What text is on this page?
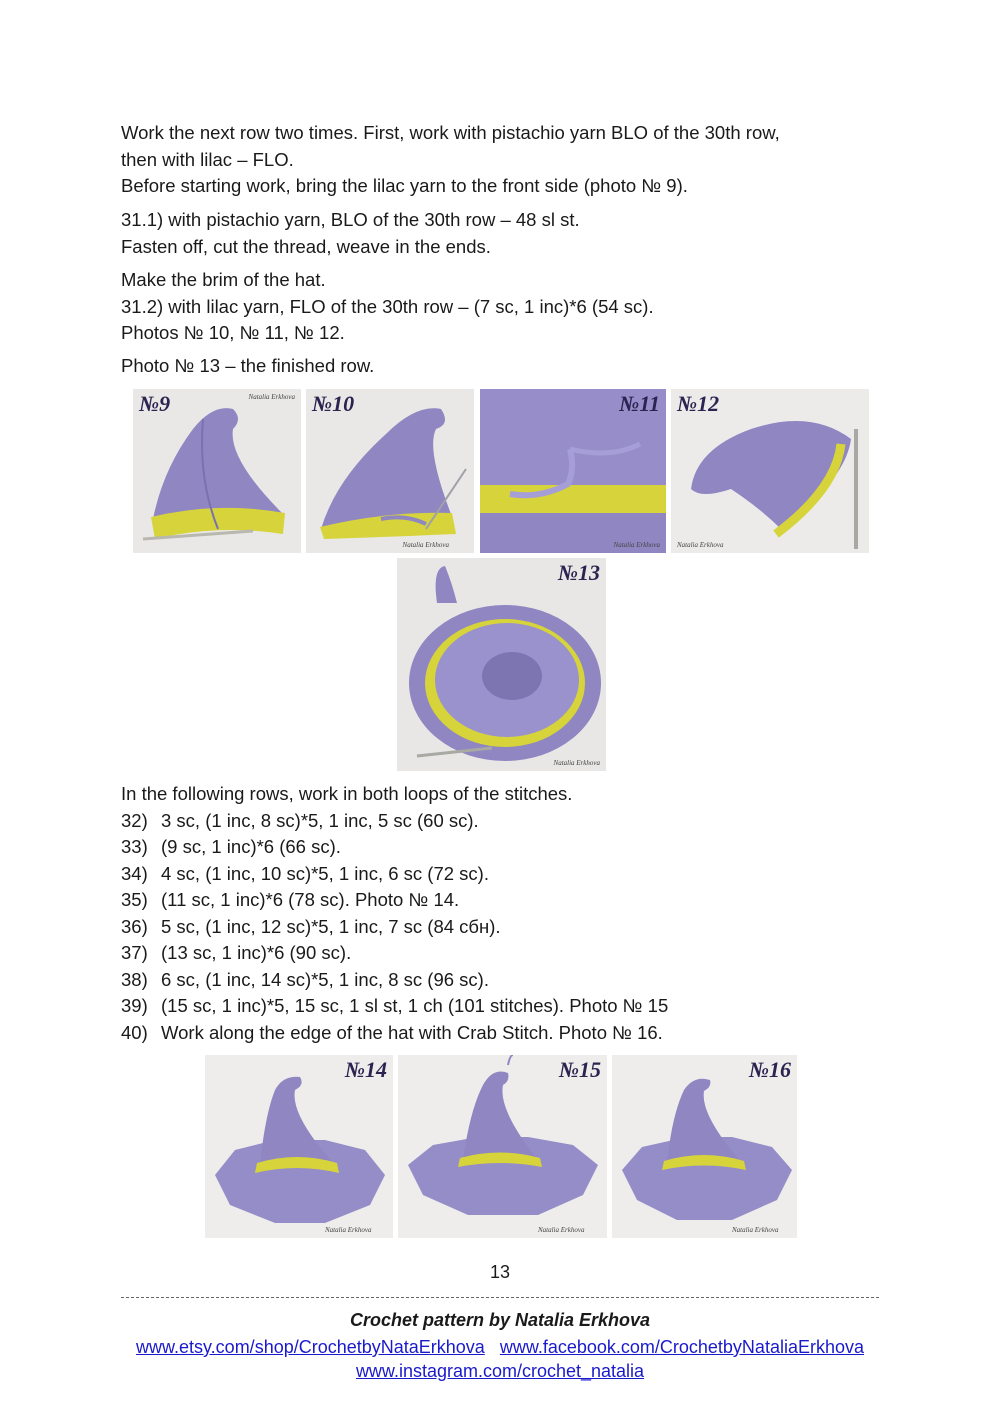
Work the next row two times. First, work with pistachio yarn BLO of the 30th row,
then with lilac – FLO.
Before starting work, bring the lilac yarn to the front side (photo № 9).
31.1) with pistachio yarn, BLO of the 30th row – 48 sl st.
Fasten off, cut the thread, weave in the ends.
Make the brim of the hat.
31.2) with lilac yarn, FLO of the 30th row – (7 sc, 1 inc)*6 (54 sc).
Photos № 10, № 11, № 12.
Photo № 13 – the finished row.
№9	Natalia Erkhova №10
Natalia Erkhova
№11
Natalia Erkhova
№12
Natalia Erkhova
№13
Natalia Erkhova
In the following rows, work in both loops of the stitches.
32) 3 sc, (1 inc, 8 sc)*5, 1 inc, 5 sc (60 sc).
33) (9 sc, 1 inc)*6 (66 sc).
34) 4 sc, (1 inc, 10 sc)*5, 1 inc, 6 sc (72 sc).
35) (11 sc, 1 inc)*6 (78 sc). Photo № 14.
36) 5 sc, (1 inc, 12 sc)*5, 1 inc, 7 sc (84 сбн).
37) (13 sc, 1 inc)*6 (90 sc).
38) 6 sc, (1 inc, 14 sc)*5, 1 inc, 8 sc (96 sc).
39) (15 sc, 1 inc)*5, 15 sc, 1 sl st, 1 ch (101 stitches). Photo № 15
40) Work along the edge of the hat with Crab Stitch. Photo № 16.
№14
Natalia Erkhova
№15
Natalia Erkhova
№16
Natalia Erkhova
13
Crochet pattern by Natalia Erkhova
www.etsy.com/shop/CrochetbyNataErkhova www.facebook.com/CrochetbyNataliaErkhova
www.instagram.com/crochet_natalia
